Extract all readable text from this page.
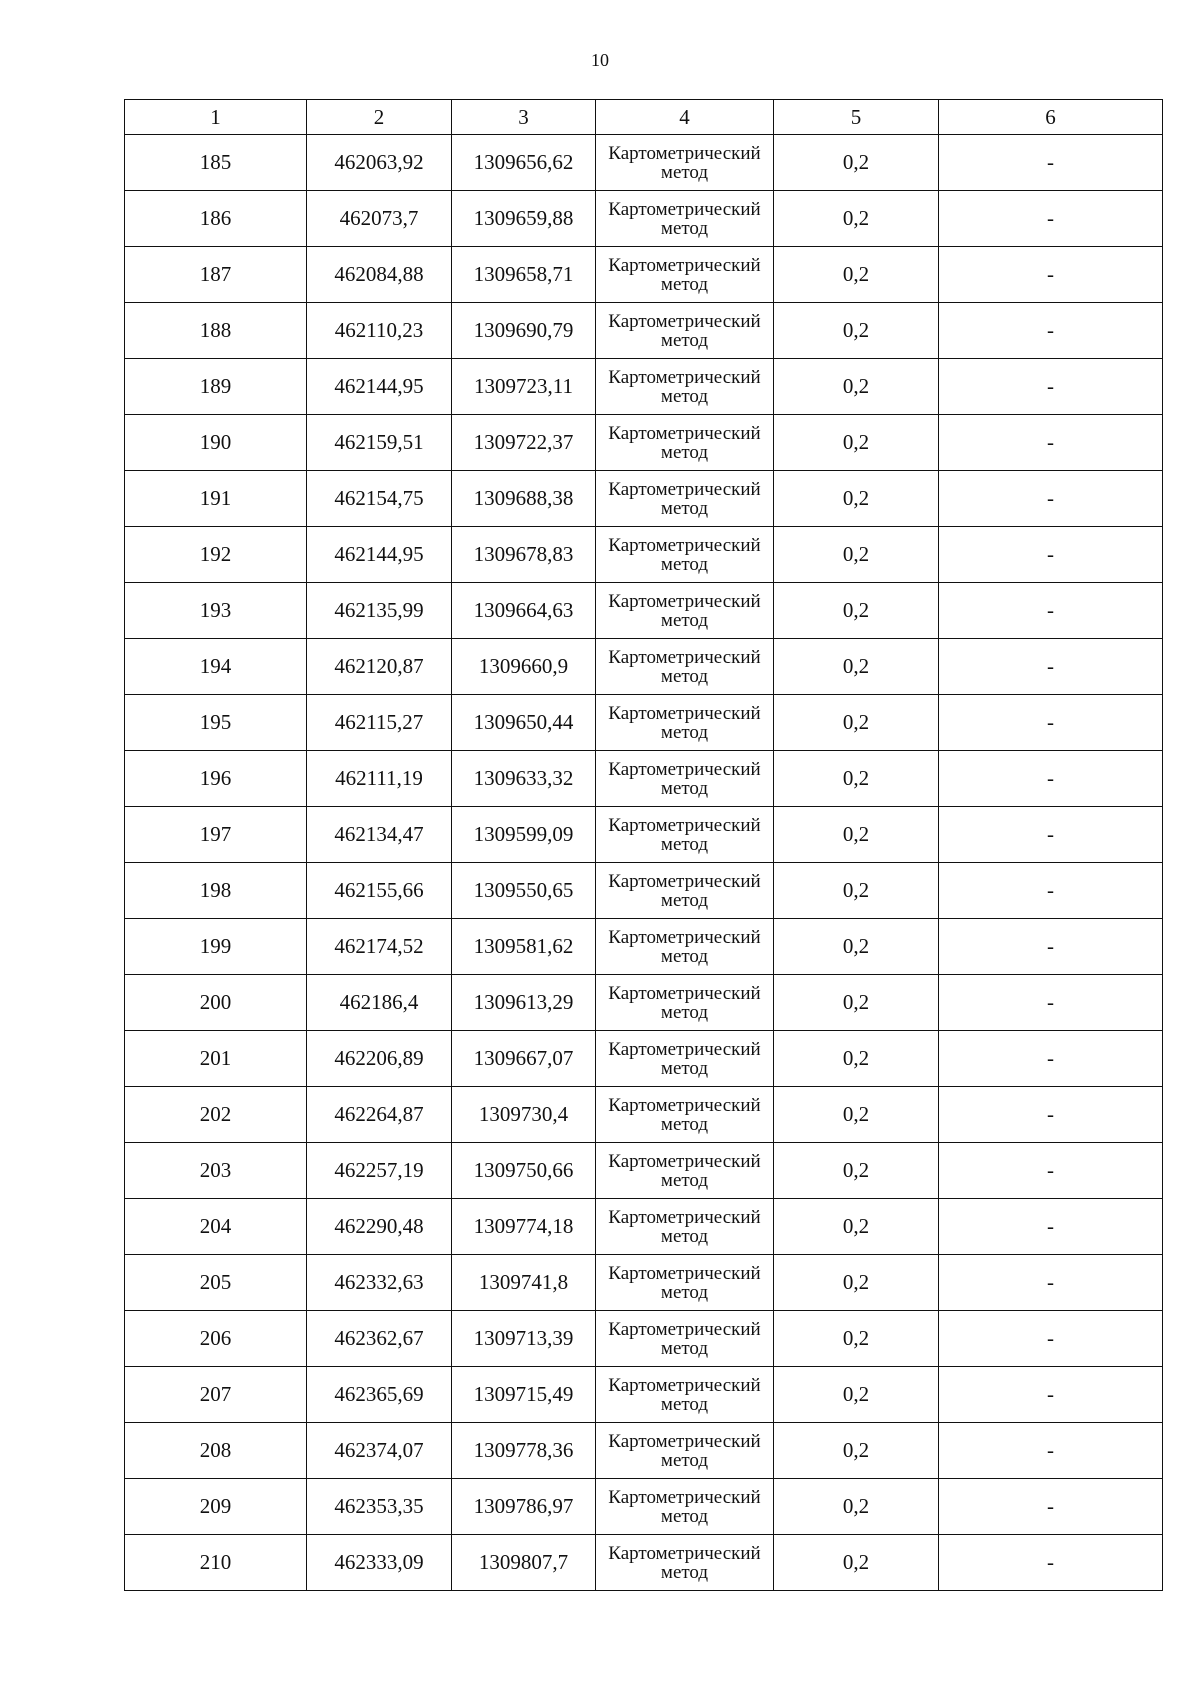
10
1	2	3	4	5	6
185	462063,92	1309656,62	Картометрический метод	0,2	-
186	462073,7	1309659,88	Картометрический метод	0,2	-
187	462084,88	1309658,71	Картометрический метод	0,2	-
188	462110,23	1309690,79	Картометрический метод	0,2	-
189	462144,95	1309723,11	Картометрический метод	0,2	-
190	462159,51	1309722,37	Картометрический метод	0,2	-
191	462154,75	1309688,38	Картометрический метод	0,2	-
192	462144,95	1309678,83	Картометрический метод	0,2	-
193	462135,99	1309664,63	Картометрический метод	0,2	-
194	462120,87	1309660,9	Картометрический метод	0,2	-
195	462115,27	1309650,44	Картометрический метод	0,2	-
196	462111,19	1309633,32	Картометрический метод	0,2	-
197	462134,47	1309599,09	Картометрический метод	0,2	-
198	462155,66	1309550,65	Картометрический метод	0,2	-
199	462174,52	1309581,62	Картометрический метод	0,2	-
200	462186,4	1309613,29	Картометрический метод	0,2	-
201	462206,89	1309667,07	Картометрический метод	0,2	-
202	462264,87	1309730,4	Картометрический метод	0,2	-
203	462257,19	1309750,66	Картометрический метод	0,2	-
204	462290,48	1309774,18	Картометрический метод	0,2	-
205	462332,63	1309741,8	Картометрический метод	0,2	-
206	462362,67	1309713,39	Картометрический метод	0,2	-
207	462365,69	1309715,49	Картометрический метод	0,2	-
208	462374,07	1309778,36	Картометрический метод	0,2	-
209	462353,35	1309786,97	Картометрический метод	0,2	-
210	462333,09	1309807,7	Картометрический метод	0,2	-
